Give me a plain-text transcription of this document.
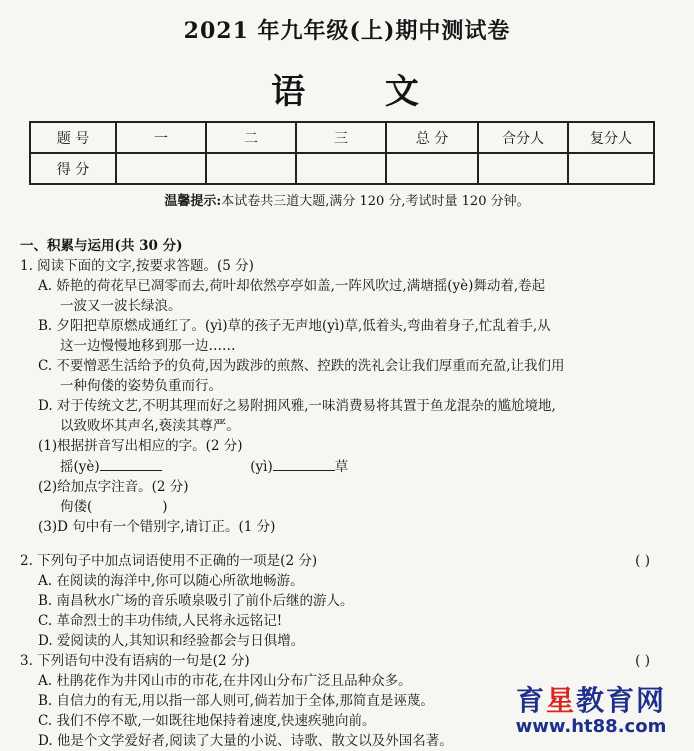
2021 年九年级(上)期中测试卷
语 文
题 号	一	二	三	总 分	合分人	复分人
得 分						
温馨提示:本试卷共三道大题,满分 120 分,考试时量 120 分钟。
一、积累与运用(共 30 分)
1. 阅读下面的文字,按要求答题。(5 分)
A. 娇艳的荷花早已凋零而去,荷叶却依然亭亭如盖,一阵风吹过,满塘摇(yè)舞动着,卷起
一波又一波长绿浪。
B. 夕阳把草原燃成通红了。(yì)草的孩子无声地(yì)草,低着头,弯曲着身子,忙乱着手,从
这一边慢慢地移到那一边……
C. 不要憎恶生活给予的负荷,因为跋涉的煎熬、控跌的洗礼会让我们厚重而充盈,让我们用
一种佝偻的姿势负重而行。
D. 对于传统文艺,不明其理而好之易附拥风雅,一味消费易将其置于鱼龙混杂的尴尬境地,
以致败坏其声名,亵渎其尊严。
(1)根据拼音写出相应的字。(2 分)
摇(yè)	(yì)	草
(2)给加点字注音。(2 分)
佝偻(	)
(3)D 句中有一个错别字,请订正。(1 分)
2. 下列句子中加点词语使用不正确的一项是(2 分)	( )
A. 在阅读的海洋中,你可以随心所欲地畅游。
B. 南昌秋水广场的音乐喷泉吸引了前仆后继的游人。
C. 革命烈士的丰功伟绩,人民将永远铭记!
D. 爱阅读的人,其知识和经验都会与日俱增。
3. 下列语句中没有语病的一句是(2 分)	( )
A. 杜鹃花作为井冈山市的市花,在井冈山分布广泛且品种众多。
B. 自信力的有无,用以指一部人则可,倘若加于全体,那简直是诬蔑。
C. 我们不停不歇,一如既往地保持着速度,快速疾驰向前。
D. 他是个文学爱好者,阅读了大量的小说、诗歌、散文以及外国名著。
育星教育网
www.ht88.com
